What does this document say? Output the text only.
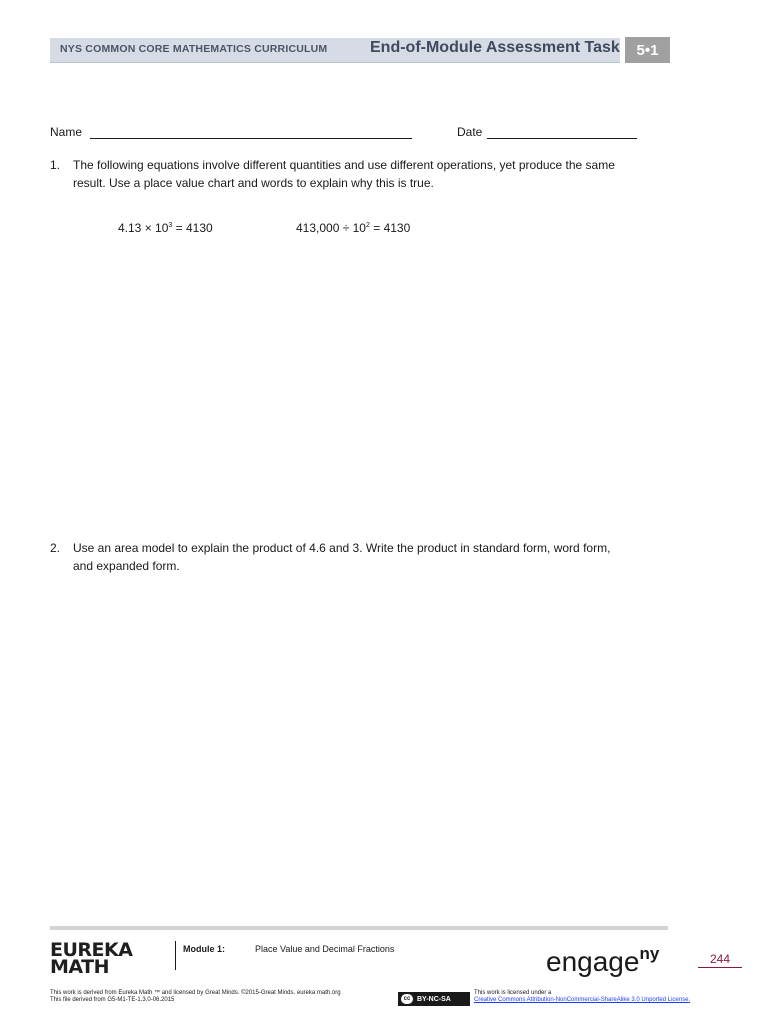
NYS COMMON CORE MATHEMATICS CURRICULUM	End-of-Module Assessment Task	5•1
Name	Date
1. The following equations involve different quantities and use different operations, yet produce the same
result. Use a place value chart and words to explain why this is true.
$4.13 \times 10^3 = 4130$	$413,000 \div 10^2 = 4130$
2. Use an area model to explain the product of 4.6 and 3. Write the product in standard form, word form,
and expanded form.
EUREKA
MATH
Module 1:	Place Value and Decimal Fractions	engage$^{ny}$	244
This work is derived from Eureka Math ™ and licensed by Great Minds. ©2015-Great Minds. eureka math.org
This file derived from G5-M1-TE-1.3.0-06.2015	cc BY-NC-SA
This work is licensed under a
Creative Commons Attribution-NonCommercial-ShareAlike 3.0 Unported License.
